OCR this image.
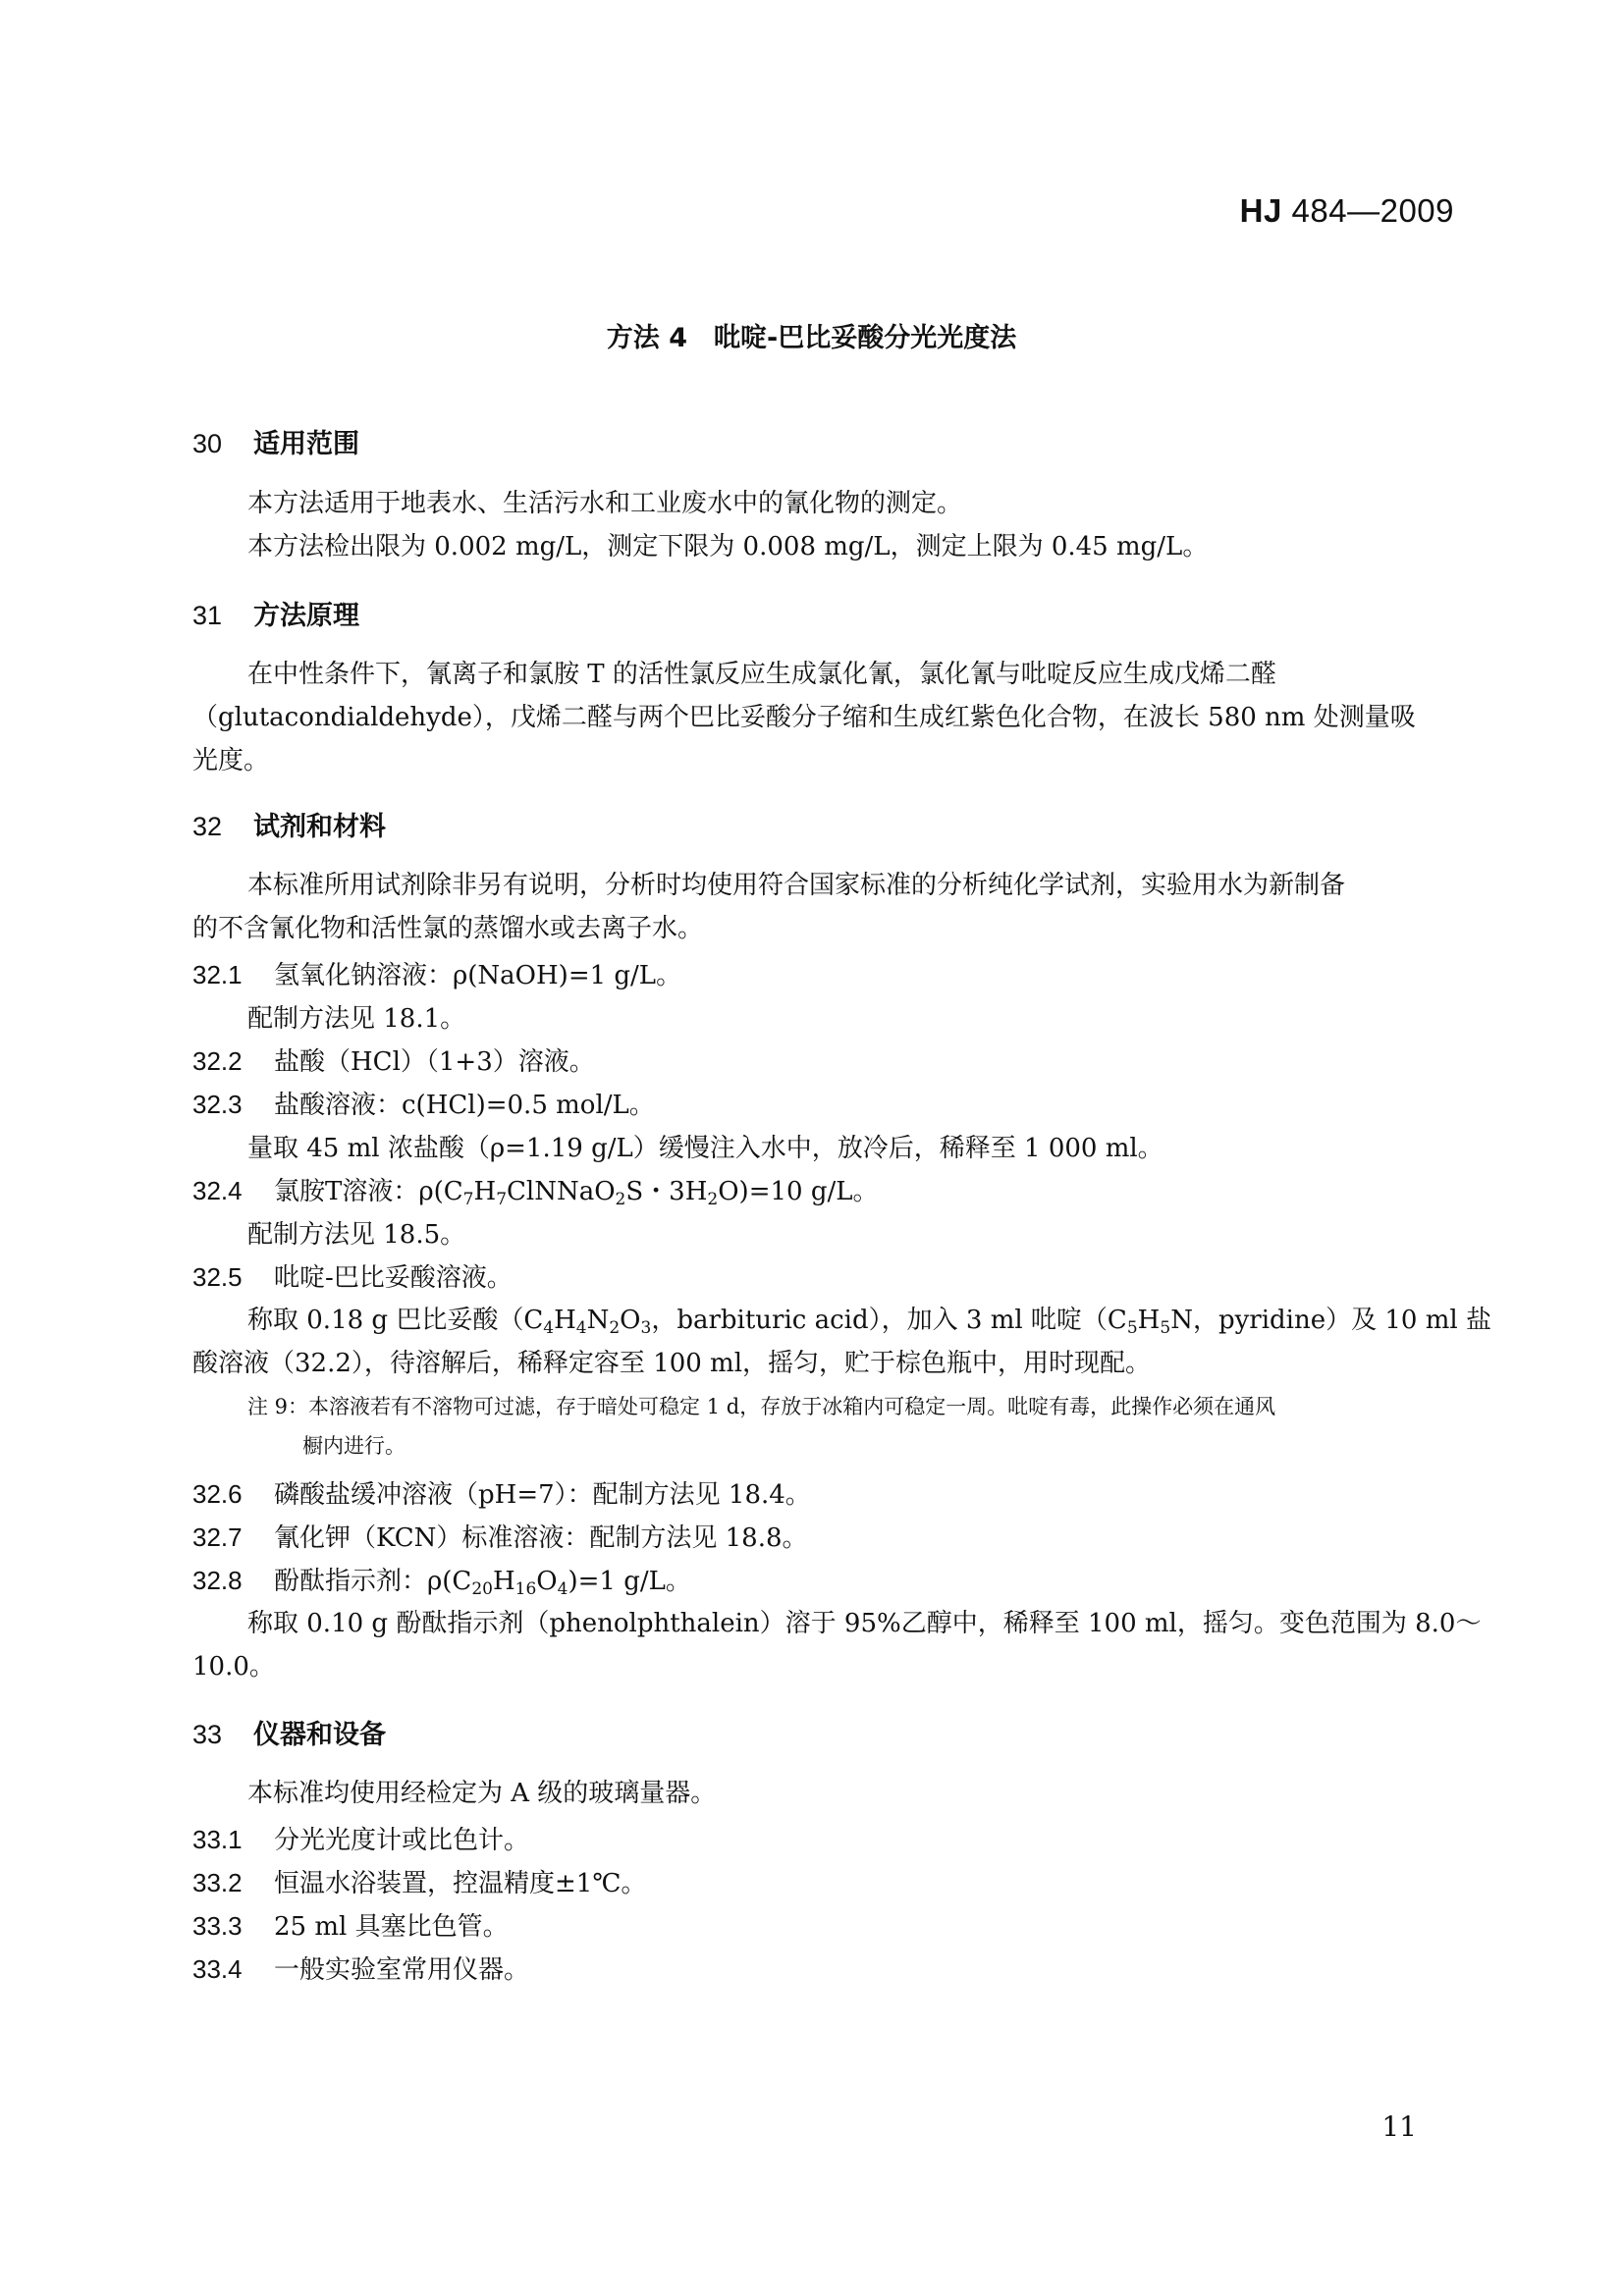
HJ 484—2009
方法 4　吡啶-巴比妥酸分光光度法
30 适用范围
本方法适用于地表水、生活污水和工业废水中的氰化物的测定。
本方法检出限为 0.002 mg/L，测定下限为 0.008 mg/L，测定上限为 0.45 mg/L。
31 方法原理
在中性条件下，氰离子和氯胺 T 的活性氯反应生成氯化氰，氯化氰与吡啶反应生成戊烯二醛
（glutacondialdehyde），戊烯二醛与两个巴比妥酸分子缩和生成红紫色化合物，在波长 580 nm 处测量吸
光度。
32 试剂和材料
本标准所用试剂除非另有说明，分析时均使用符合国家标准的分析纯化学试剂，实验用水为新制备
的不含氰化物和活性氯的蒸馏水或去离子水。
32.1 氢氧化钠溶液：ρ(NaOH)=1 g/L。
配制方法见 18.1。
32.2 盐酸（HCl）（1+3）溶液。
32.3 盐酸溶液：c(HCl)=0.5 mol/L。
量取 45 ml 浓盐酸（ρ=1.19 g/L）缓慢注入水中，放冷后，稀释至 1 000 ml。
32.4 氯胺T溶液：$\rho(C_7H_7ClNNaO_2S$・$3H_2O)=10$ g/L。
配制方法见 18.5。
32.5 吡啶-巴比妥酸溶液。
称取 0.18 g 巴比妥酸（$C_4H_4N_2O_3$，barbituric acid），加入 3 ml 吡啶（$C_5H_5N$，pyridine）及 10 ml 盐
酸溶液（32.2），待溶解后，稀释定容至 100 ml，摇匀，贮于棕色瓶中，用时现配。
注 9：本溶液若有不溶物可过滤，存于暗处可稳定 1 d，存放于冰箱内可稳定一周。吡啶有毒，此操作必须在通风
橱内进行。
32.6 磷酸盐缓冲溶液（pH=7）：配制方法见 18.4。
32.7 氰化钾（KCN）标准溶液：配制方法见 18.8。
32.8 酚酞指示剂：$\rho(C_{20}H_{16}O_4)=1$ g/L。
称取 0.10 g 酚酞指示剂（phenolphthalein）溶于 95%乙醇中，稀释至 100 ml，摇匀。变色范围为 8.0～
10.0。
33 仪器和设备
本标准均使用经检定为 A 级的玻璃量器。
33.1 分光光度计或比色计。
33.2 恒温水浴装置，控温精度±1℃。
33.3 25 ml 具塞比色管。
33.4 一般实验室常用仪器。
11
